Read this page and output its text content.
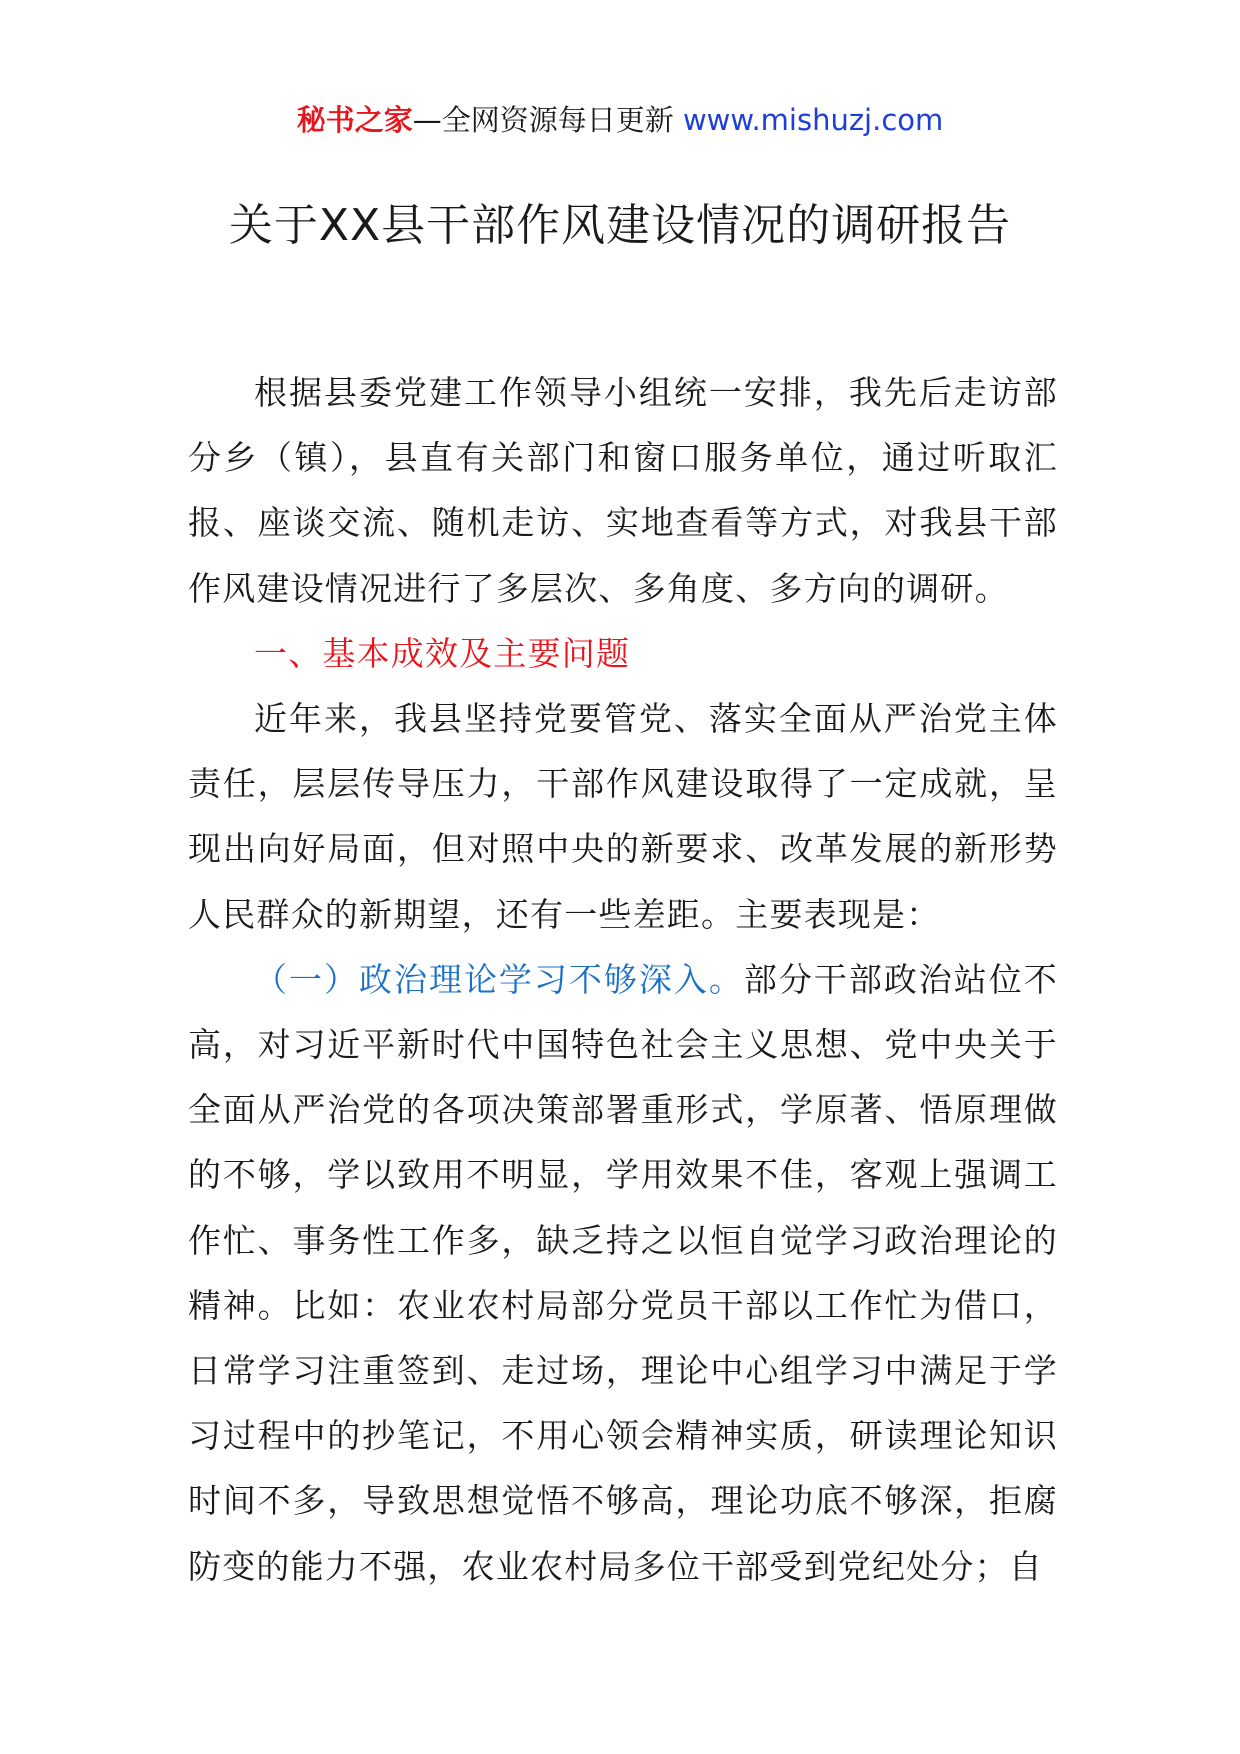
秘书之家—全网资源每日更新 www.mishuzj.com
关于XX县干部作风建设情况的调研报告

根据县委党建工作领导小组统一安排，我先后走访部分乡（镇），县直有关部门和窗口服务单位，通过听取汇报、座谈交流、随机走访、实地查看等方式，对我县干部作风建设情况进行了多层次、多角度、多方向的调研。

一、基本成效及主要问题

近年来，我县坚持党要管党、落实全面从严治党主体责任，层层传导压力，干部作风建设取得了一定成就，呈现出向好局面，但对照中央的新要求、改革发展的新形势人民群众的新期望，还有一些差距。主要表现是：

（一）政治理论学习不够深入。部分干部政治站位不高，对习近平新时代中国特色社会主义思想、党中央关于全面从严治党的各项决策部署重形式，学原著、悟原理做的不够，学以致用不明显，学用效果不佳，客观上强调工作忙、事务性工作多，缺乏持之以恒自觉学习政治理论的精神。比如：农业农村局部分党员干部以工作忙为借口，日常学习注重签到、走过场，理论中心组学习中满足于学习过程中的抄笔记，不用心领会精神实质，研读理论知识时间不多，导致思想觉悟不够高，理论功底不够深，拒腐防变的能力不强，农业农村局多位干部受到党纪处分；自
